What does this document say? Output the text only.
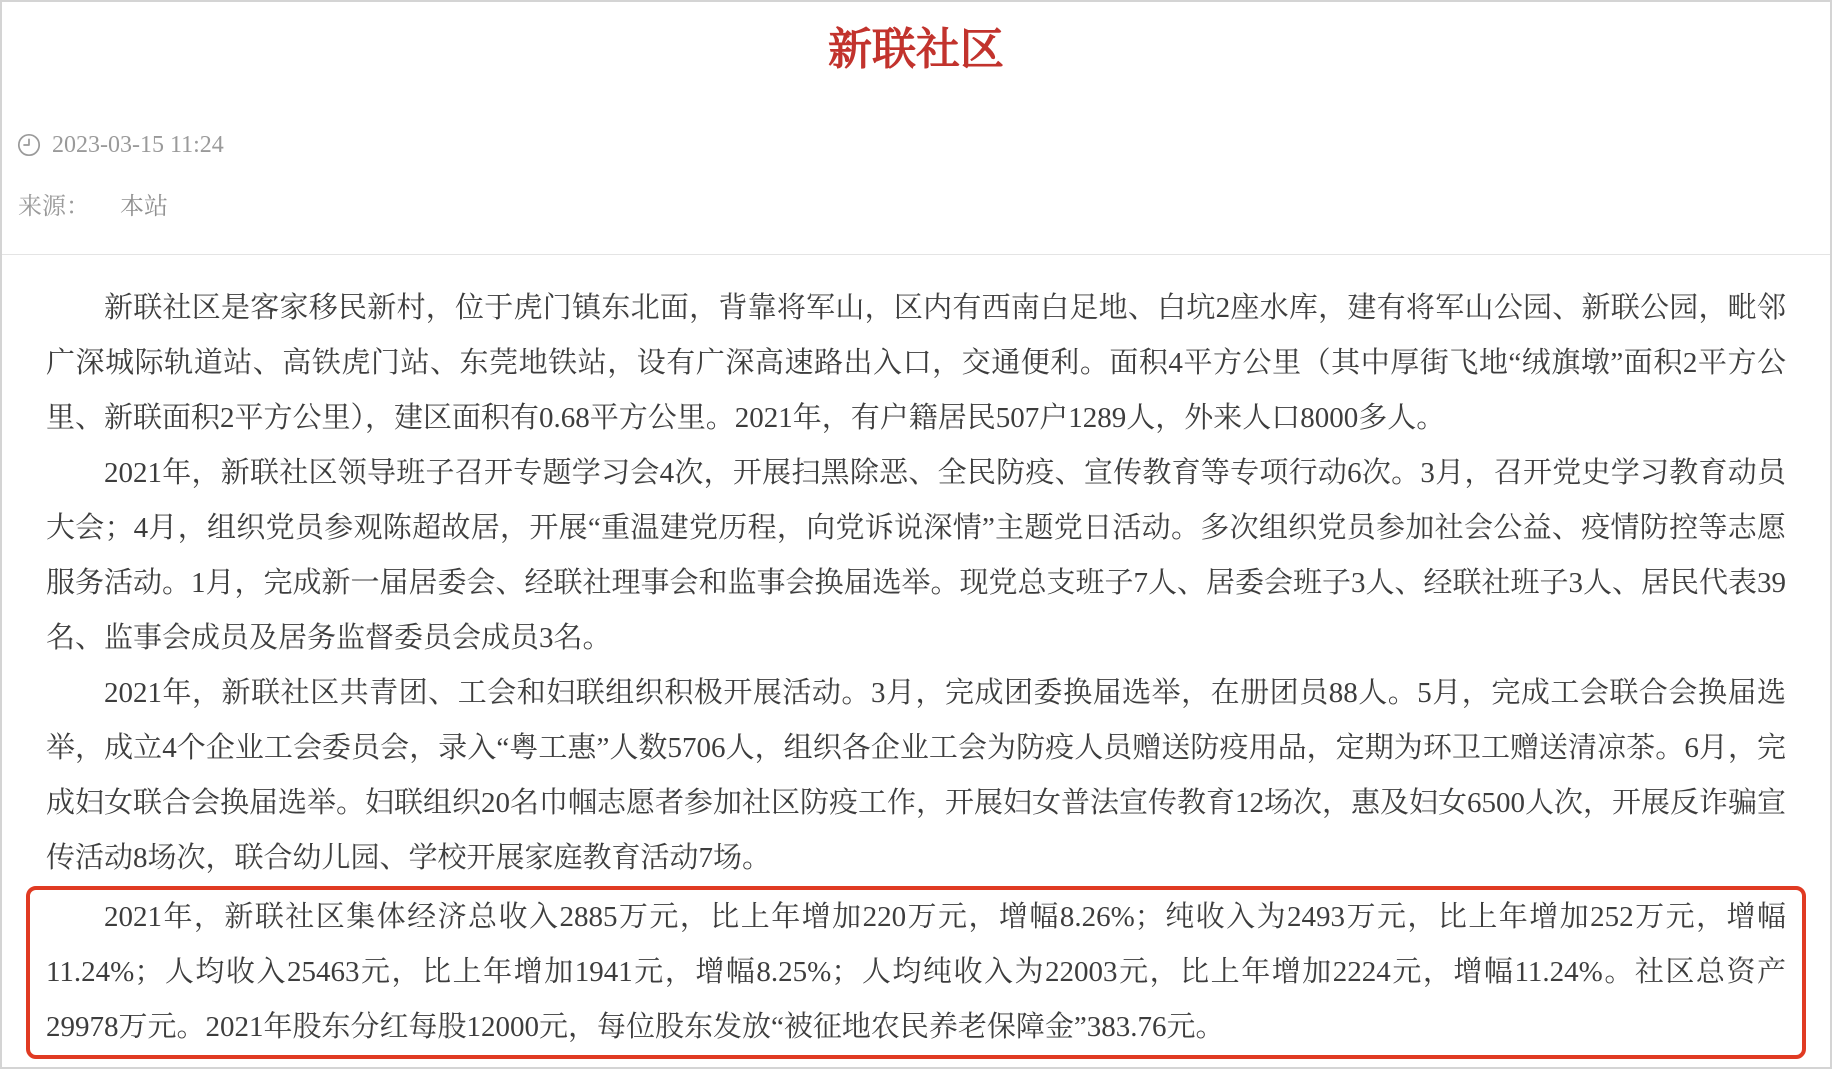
新联社区
2023-03-15 11:24
来源： 本站

新联社区是客家移民新村，位于虎门镇东北面，背靠将军山，区内有西南白足地、白坑2座水库，建有将军山公园、新联公园，毗邻广深城际轨道站、高铁虎门站、东莞地铁站，设有广深高速路出入口，交通便利。面积4平方公里（其中厚街飞地“绒旗墩”面积2平方公里、新联面积2平方公里），建区面积有0.68平方公里。2021年，有户籍居民507户1289人，外来人口8000多人。

2021年，新联社区领导班子召开专题学习会4次，开展扫黑除恶、全民防疫、宣传教育等专项行动6次。3月，召开党史学习教育动员大会；4月，组织党员参观陈超故居，开展“重温建党历程，向党诉说深情”主题党日活动。多次组织党员参加社会公益、疫情防控等志愿服务活动。1月，完成新一届居委会、经联社理事会和监事会换届选举。现党总支班子7人、居委会班子3人、经联社班子3人、居民代表39名、监事会成员及居务监督委员会成员3名。

2021年，新联社区共青团、工会和妇联组织积极开展活动。3月，完成团委换届选举，在册团员88人。5月，完成工会联合会换届选举，成立4个企业工会委员会，录入“粤工惠”人数5706人，组织各企业工会为防疫人员赠送防疫用品，定期为环卫工赠送清凉茶。6月，完成妇女联合会换届选举。妇联组织20名巾帼志愿者参加社区防疫工作，开展妇女普法宣传教育12场次，惠及妇女6500人次，开展反诈骗宣传活动8场次，联合幼儿园、学校开展家庭教育活动7场。

2021年，新联社区集体经济总收入2885万元，比上年增加220万元，增幅8.26%；纯收入为2493万元，比上年增加252万元，增幅11.24%；人均收入25463元，比上年增加1941元，增幅8.25%；人均纯收入为22003元，比上年增加2224元，增幅11.24%。社区总资产29978万元。2021年股东分红每股12000元，每位股东发放“被征地农民养老保障金”383.76元。
